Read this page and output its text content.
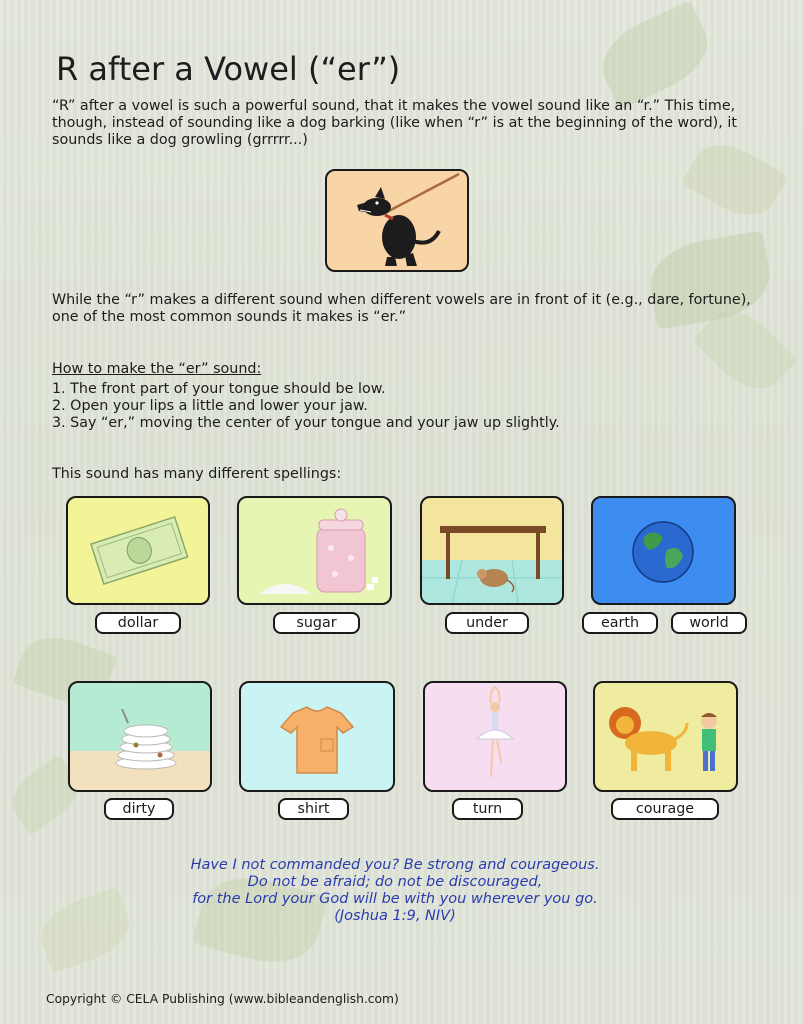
R after a Vowel (“er”)

“R” after a vowel is such a powerful sound, that it makes the vowel sound like an “r.” This time, though, instead of sounding like a dog barking (like when “r” is at the beginning of the word), it sounds like a dog growling (grrrrr...)

While the “r” makes a different sound when different vowels are in front of it (e.g., dare, fortune), one of the most common sounds it makes is “er.”

How to make the “er” sound:

1. The front part of your tongue should be low.

2. Open your lips a little and lower your jaw.

3. Say “er,” moving the center of your tongue and your jaw up slightly.

This sound has many different spellings:

dollar	sugar	under	earth	world
dirty	shirt	turn	courage
Have I not commanded you? Be strong and courageous.
Do not be afraid; do not be discouraged,
for the Lord your God will be with you wherever you go.
(Joshua 1:9, NIV)

Copyright © CELA Publishing (www.bibleandenglish.com)
